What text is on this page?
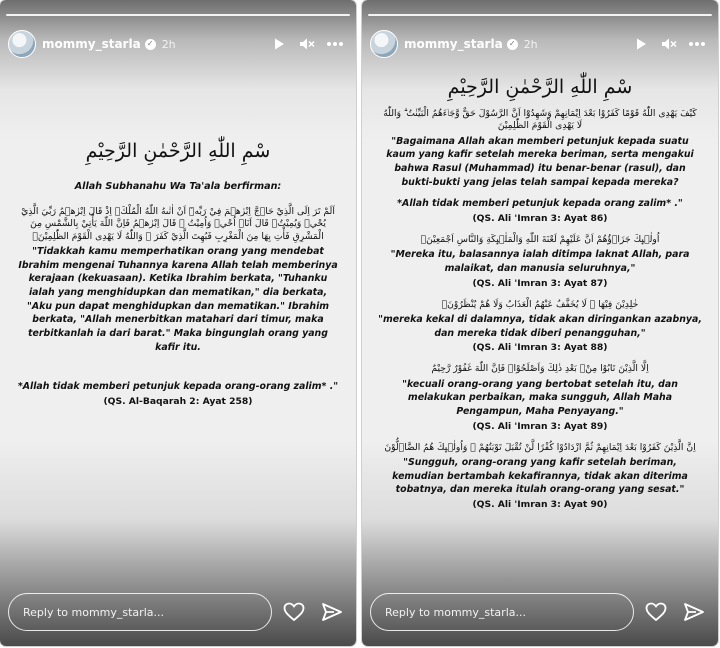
mommy_starla ✓ 2h
سْمِ اللّٰهِ الرَّحْمٰنِ الرَّحِيْمِ
Allah Subhanahu Wa Ta'ala berfirman:
اَلَمْ تَرَ اِلَى الَّذِيْ حَاۤجَّ اِبْرٰهٖمَ فِيْ رَبِّهٖٓ اَنْ اٰتٰىهُ اللّٰهُ الْمُلْكَۘ اِذْ قَالَ اِبْرٰهٖمُ رَبِّيَ الَّذِيْ يُحْيٖ وَيُمِيْتُۙ قَالَ اَنَا۠ اُحْيٖ وَاُمِيْتُ ۗ قَالَ اِبْرٰهٖمُ فَاِنَّ اللّٰهَ يَأْتِيْ بِالشَّمْسِ مِنَ الْمَشْرِقِ فَأْتِ بِهَا مِنَ الْمَغْرِبِ فَبُهِتَ الَّذِيْ كَفَرَ ۗ وَاللّٰهُ لَا يَهْدِى الْقَوْمَ الظّٰلِمِيْنَۚ
"Tidakkah kamu memperhatikan orang yang mendebat Ibrahim mengenai Tuhannya karena Allah telah memberinya kerajaan (kekuasaan). Ketika Ibrahim berkata, "Tuhanku ialah yang menghidupkan dan mematikan," dia berkata, "Aku pun dapat menghidupkan dan mematikan." Ibrahim berkata, "Allah menerbitkan matahari dari timur, maka terbitkanlah ia dari barat." Maka bingunglah orang yang kafir itu.
*Allah tidak memberi petunjuk kepada orang-orang zalim* ."
(QS. Al-Baqarah 2: Ayat 258)
Reply to mommy_starla...
mommy_starla ✓ 2h
سْمِ اللّٰهِ الرَّحْمٰنِ الرَّحِيْمِ
كَيْفَ يَهْدِى اللّٰهُ قَوْمًا كَفَرُوْا بَعْدَ اِيْمَانِهِمْ وَشَهِدُوْٓا اَنَّ الرَّسُوْلَ حَقٌّ وَّجَاۤءَهُمُ الْبَيِّنٰتُ ۗ وَاللّٰهُ لَا يَهْدِى الْقَوْمَ الظّٰلِمِيْنَ
"Bagaimana Allah akan memberi petunjuk kepada suatu kaum yang kafir setelah mereka beriman, serta mengakui bahwa Rasul (Muhammad) itu benar-benar (rasul), dan bukti-bukti yang jelas telah sampai kepada mereka?
*Allah tidak memberi petunjuk kepada orang zalim* ."
(QS. Ali 'Imran 3: Ayat 86)
اُولٰۤىِٕكَ جَزَاۤؤُهُمْ اَنَّ عَلَيْهِمْ لَعْنَةَ اللّٰهِ وَالْمَلٰۤىِٕكَةِ وَالنَّاسِ اَجْمَعِيْنَۙ
"Mereka itu, balasannya ialah ditimpa laknat Allah, para malaikat, dan manusia seluruhnya,"
(QS. Ali 'Imran 3: Ayat 87)
خٰلِدِيْنَ فِيْهَا ۚ لَا يُخَفَّفُ عَنْهُمُ الْعَذَابُ وَلَا هُمْ يُنْظَرُوْنَۙ
"mereka kekal di dalamnya, tidak akan diringankan azabnya, dan mereka tidak diberi penangguhan,"
(QS. Ali 'Imran 3: Ayat 88)
اِلَّا الَّذِيْنَ تَابُوْا مِنْۢ بَعْدِ ذٰلِكَ وَاَصْلَحُوْاۗ فَاِنَّ اللّٰهَ غَفُوْرٌ رَّحِيْمٌ
"kecuali orang-orang yang bertobat setelah itu, dan melakukan perbaikan, maka sungguh, Allah Maha Pengampun, Maha Penyayang."
(QS. Ali 'Imran 3: Ayat 89)
اِنَّ الَّذِيْنَ كَفَرُوْا بَعْدَ اِيْمَانِهِمْ ثُمَّ ازْدَادُوْا كُفْرًا لَّنْ تُقْبَلَ تَوْبَتُهُمْ ۚ وَاُولٰۤىِٕكَ هُمُ الضَّاۤلُّوْنَ
"Sungguh, orang-orang yang kafir setelah beriman, kemudian bertambah kekafirannya, tidak akan diterima tobatnya, dan mereka itulah orang-orang yang sesat."
(QS. Ali 'Imran 3: Ayat 90)
Reply to mommy_starla...
